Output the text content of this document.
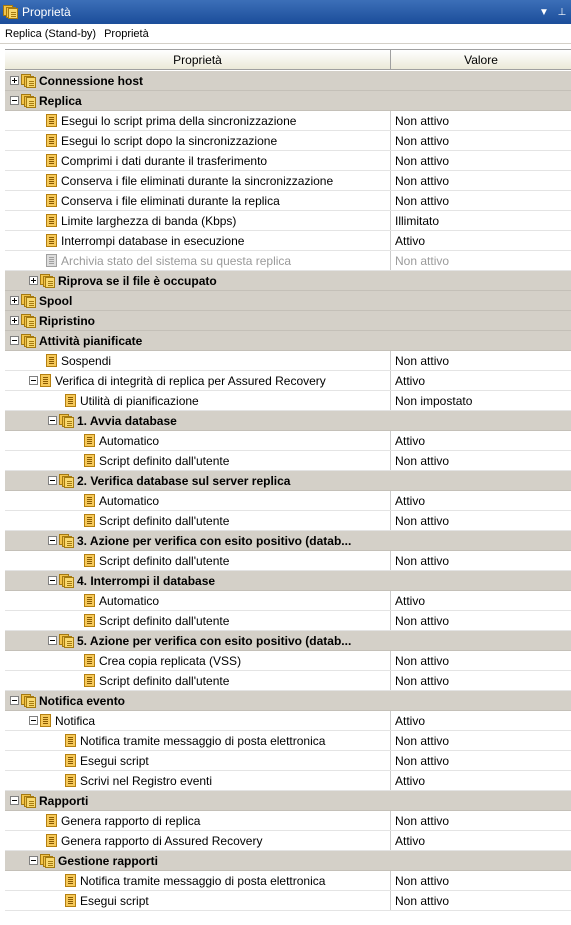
Proprietà	▼ ⊥
Replica (Stand-by) Proprietà
Proprietà	Valore
Connessione host
Replica
Esegui lo script prima della sincronizzazione	Non attivo
Esegui lo script dopo la sincronizzazione	Non attivo
Comprimi i dati durante il trasferimento	Non attivo
Conserva i file eliminati durante la sincronizzazione	Non attivo
Conserva i file eliminati durante la replica	Non attivo
Limite larghezza di banda (Kbps)	Illimitato
Interrompi database in esecuzione	Attivo
Archivia stato del sistema su questa replica	Non attivo
Riprova se il file è occupato
Spool
Ripristino
Attività pianificate
Sospendi	Non attivo
Verifica di integrità di replica per Assured Recovery	Attivo
Utilità di pianificazione	Non impostato
1. Avvia database
Automatico	Attivo
Script definito dall'utente	Non attivo
2. Verifica database sul server replica
Automatico	Attivo
Script definito dall'utente	Non attivo
3. Azione per verifica con esito positivo (datab...
Script definito dall'utente	Non attivo
4. Interrompi il database
Automatico	Attivo
Script definito dall'utente	Non attivo
5. Azione per verifica con esito positivo (datab...
Crea copia replicata (VSS)	Non attivo
Script definito dall'utente	Non attivo
Notifica evento
Notifica	Attivo
Notifica tramite messaggio di posta elettronica	Non attivo
Esegui script	Non attivo
Scrivi nel Registro eventi	Attivo
Rapporti
Genera rapporto di replica	Non attivo
Genera rapporto di Assured Recovery	Attivo
Gestione rapporti
Notifica tramite messaggio di posta elettronica	Non attivo
Esegui script	Non attivo
